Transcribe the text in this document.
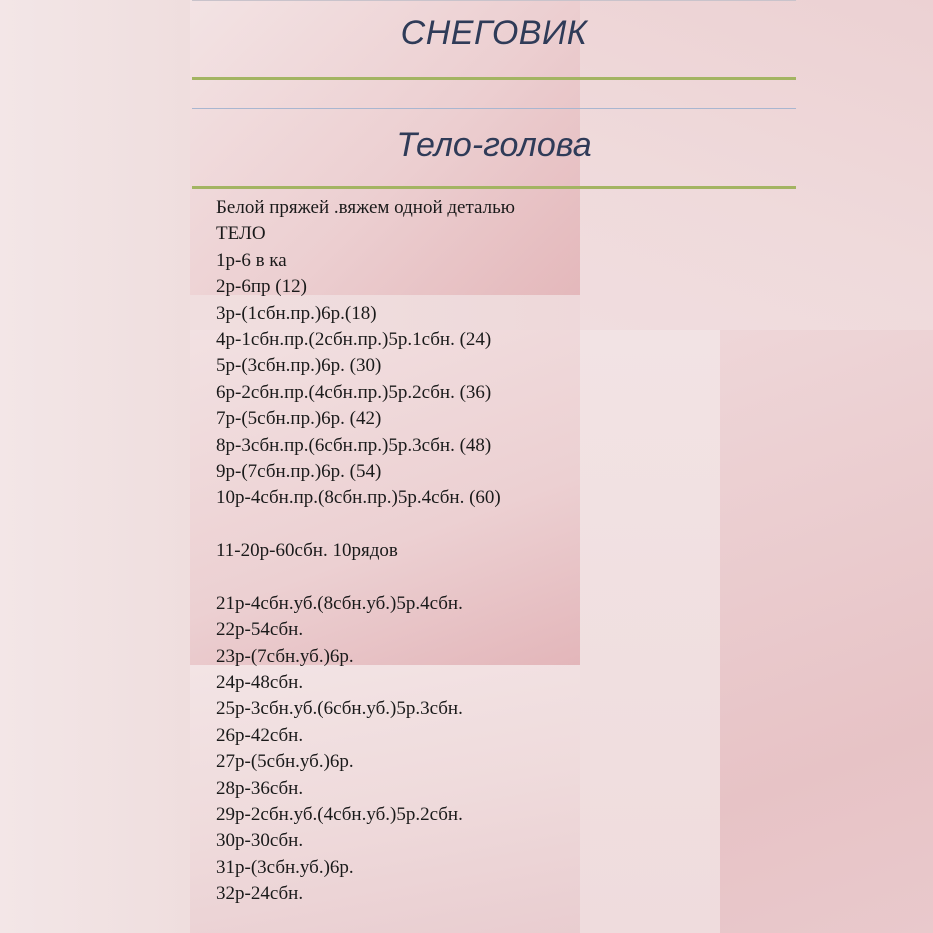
СНЕГОВИК
Тело-голова
Белой пряжей .вяжем одной деталью
ТЕЛО
1р-6 в ка
2р-6пр (12)
3р-(1сбн.пр.)6р.(18)
4р-1сбн.пр.(2сбн.пр.)5р.1сбн. (24)
5р-(3сбн.пр.)6р. (30)
6р-2сбн.пр.(4сбн.пр.)5р.2сбн. (36)
7р-(5сбн.пр.)6р. (42)
8р-3сбн.пр.(6сбн.пр.)5р.3сбн. (48)
9р-(7сбн.пр.)6р. (54)
10р-4сбн.пр.(8сбн.пр.)5р.4сбн. (60)
11-20р-60сбн. 10рядов
21р-4сбн.уб.(8сбн.уб.)5р.4сбн.
22р-54сбн.
23р-(7сбн.уб.)6р.
24р-48сбн.
25р-3сбн.уб.(6сбн.уб.)5р.3сбн.
26р-42сбн.
27р-(5сбн.уб.)6р.
28р-36сбн.
29р-2сбн.уб.(4сбн.уб.)5р.2сбн.
30р-30сбн.
31р-(3сбн.уб.)6р.
32р-24сбн.
